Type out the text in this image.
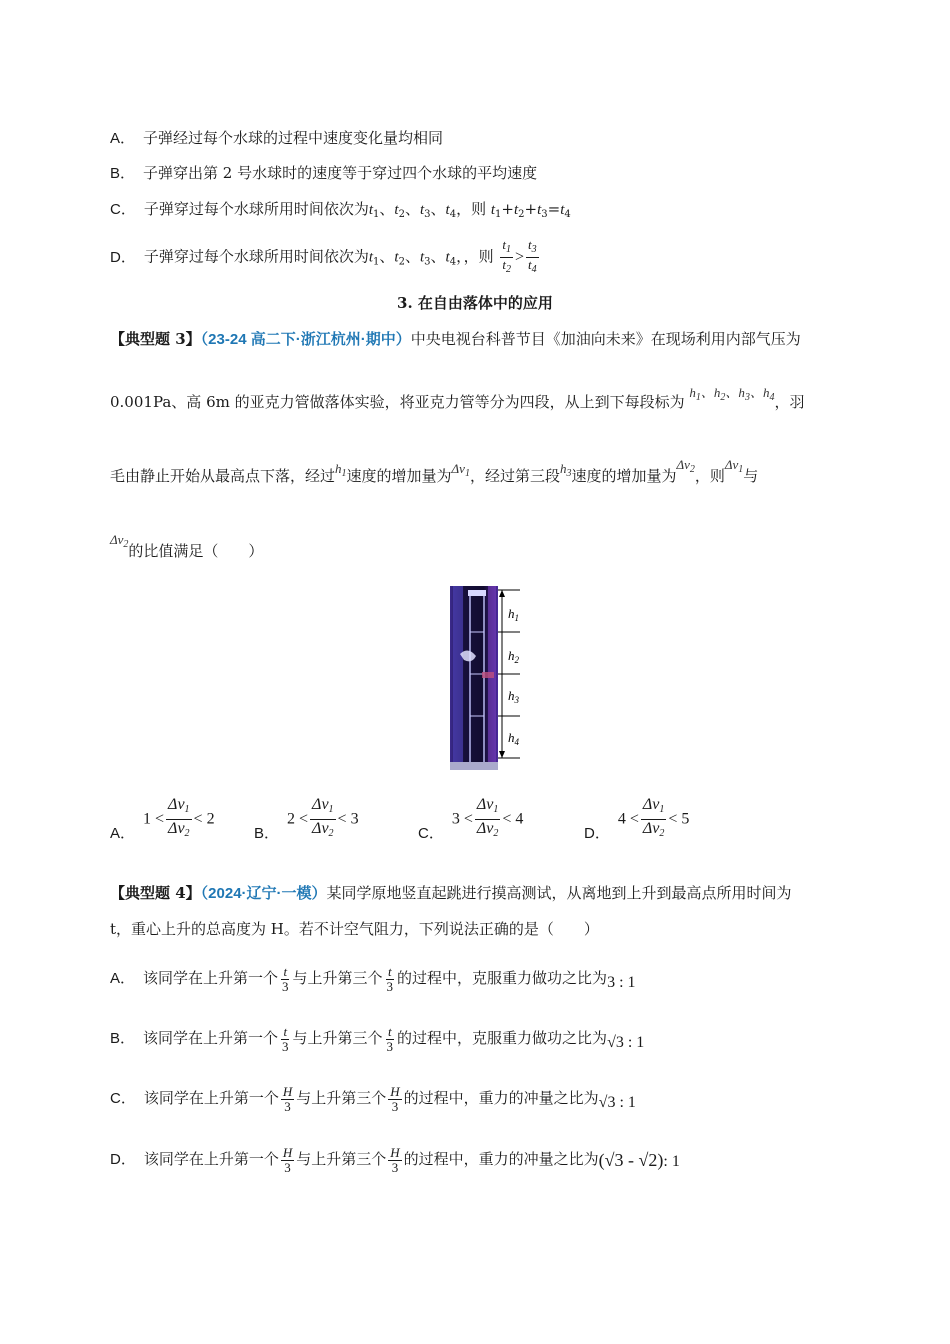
A． 子弹经过每个水球的过程中速度变化量均相同
B． 子弹穿出第 2 号水球时的速度等于穿过四个水球的平均速度
C． 子弹穿过每个水球所用时间依次为$t_1$、$t_2$、$t_3$、$t_4$，则 $t_1+t_2+t_3=t_4$
D． 子弹穿过每个水球所用时间依次为$t_1$、$t_2$、$t_3$、$t_4$，，则 $\frac{t_1}{t_2} > \frac{t_3}{t_4}$
3. 在自由落体中的应用
【典型题 3】（23-24 高二下·浙江杭州·期中）中央电视台科普节目《加油向未来》在现场利用内部气压为
0.001Pa、高 6m 的亚克力管做落体实验，将亚克力管等分为四段，从上到下每段标为 $h_1$、$h_2$、$h_3$、$h_4$，羽
毛由静止开始从最高点下落，经过$h_1$速度的增加量为$\Delta v_1$，经过第三段$h_3$速度的增加量为$\Delta v_2$，则$\Delta v_1$与
$\Delta v_2$的比值满足（　　）
$h_1$
$h_2$
$h_3$
$h_4$
A．$1 < \frac{\Delta v_1}{\Delta v_2} < 2$
B．$2 < \frac{\Delta v_1}{\Delta v_2} < 3$
C．$3 < \frac{\Delta v_1}{\Delta v_2} < 4$
D．$4 < \frac{\Delta v_1}{\Delta v_2} < 5$
【典型题 4】（2024·辽宁·一模）某同学原地竖直起跳进行摸高测试，从离地到上升到最高点所用时间为
t，重心上升的总高度为 H。若不计空气阻力，下列说法正确的是（　　）
A． 该同学在上升第一个 $\frac{t}{3}$ 与上升第三个 $\frac{t}{3}$ 的过程中，克服重力做功之比为3 : 1
B． 该同学在上升第一个 $\frac{t}{3}$ 与上升第三个 $\frac{t}{3}$ 的过程中，克服重力做功之比为√3 : 1
C． 该同学在上升第一个 $\frac{H}{3}$ 与上升第三个 $\frac{H}{3}$ 的过程中，重力的冲量之比为√3 : 1
D． 该同学在上升第一个 $\frac{H}{3}$ 与上升第三个 $\frac{H}{3}$ 的过程中，重力的冲量之比为(√3 - √2): 1
